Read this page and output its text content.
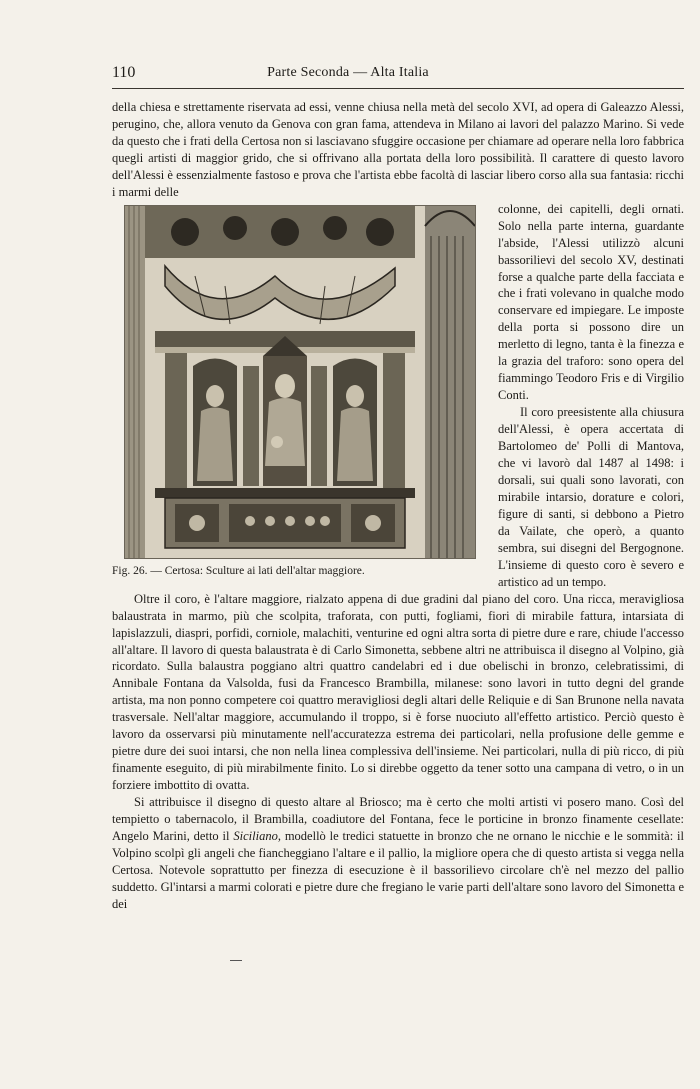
110	Parte Seconda — Alta Italia

della chiesa e strettamente riservata ad essi, venne chiusa nella metà del secolo XVI, ad opera di Galeazzo Alessi, perugino, che, allora venuto da Genova con gran fama, attendeva in Milano ai lavori del palazzo Marino. Si vede da questo che i frati della Certosa non si lasciavano sfuggire occasione per chiamare ad operare nella loro fabbrica quegli artisti di maggior grido, che si offrivano alla portata della loro possibilità. Il carattere di questo lavoro dell'Alessi è essenzialmente fastoso e prova che l'artista ebbe facoltà di lasciar libero corso alla sua fantasia: ricchi i marmi delle

Fig. 26. — Certosa: Sculture ai lati dell'altar maggiore.

colonne, dei capitelli, degli ornati. Solo nella parte interna, guardante l'abside, l'Alessi utilizzò alcuni bassorilievi del secolo XV, destinati forse a qualche parte della facciata e che i frati volevano in qualche modo conservare ed impiegare. Le imposte della porta si possono dire un merletto di legno, tanta è la finezza e la grazia del traforo: sono opera del fiammingo Teodoro Fris e di Virgilio Conti.

Il coro preesistente alla chiusura dell'Alessi, è opera accertata di Bartolomeo de' Polli di Mantova, che vi lavorò dal 1487 al 1498: i dorsali, sui quali sono lavorati, con mirabile intarsio, dorature e colori, figure di santi, si debbono a Pietro da Vailate, che operò, a quanto sembra, sui disegni del Bergognone. L'insieme di questo coro è severo e artistico ad un tempo.

Oltre il coro, è l'altare maggiore, rialzato appena di due gradini dal piano del coro. Una ricca, meravigliosa balaustrata in marmo, più che scolpita, traforata, con putti, fogliami, fiori di mirabile fattura, intarsiata di lapislazzuli, diaspri, porfidi, corniole, malachiti, venturine ed ogni altra sorta di pietre dure e rare, chiude l'accesso all'altare. Il lavoro di questa balaustrata è di Carlo Simonetta, sebbene altri ne attribuisca il disegno al Volpino, già ricordato. Sulla balaustra poggiano altri quattro candelabri ed i due obelischi in bronzo, celebratissimi, di Annibale Fontana da Valsolda, fusi da Francesco Brambilla, milanese: sono lavori in tutto degni del grande artista, ma non ponno competere coi quattro meravigliosi degli altari delle Reliquie e di San Brunone nella navata trasversale. Nell'altar maggiore, accumulando il troppo, si è forse nuociuto all'effetto artistico. Perciò questo è lavoro da osservarsi più minutamente nell'accuratezza estrema dei particolari, nella profusione delle gemme e pietre dure dei suoi intarsi, che non nella linea complessiva dell'insieme. Nei particolari, nulla di più ricco, di più finamente eseguito, di più mirabilmente finito. Lo si direbbe oggetto da tener sotto una campana di vetro, o in un forziere imbottito di ovatta.

Si attribuisce il disegno di questo altare al Briosco; ma è certo che molti artisti vi posero mano. Così del tempietto o tabernacolo, il Brambilla, coadiutore del Fontana, fece le porticine in bronzo finamente cesellate: Angelo Marini, detto il Siciliano, modellò le tredici statuette in bronzo che ne ornano le nicchie e le sommità: il Volpino scolpì gli angeli che fiancheggiano l'altare e il pallio, la migliore opera che di questo artista si vegga nella Certosa. Notevole soprattutto per finezza di esecuzione è il bassorilievo circolare ch'è nel mezzo del pallio suddetto. Gl'intarsi a marmi colorati e pietre dure che fregiano le varie parti dell'altare sono lavoro del Simonetta e dei
